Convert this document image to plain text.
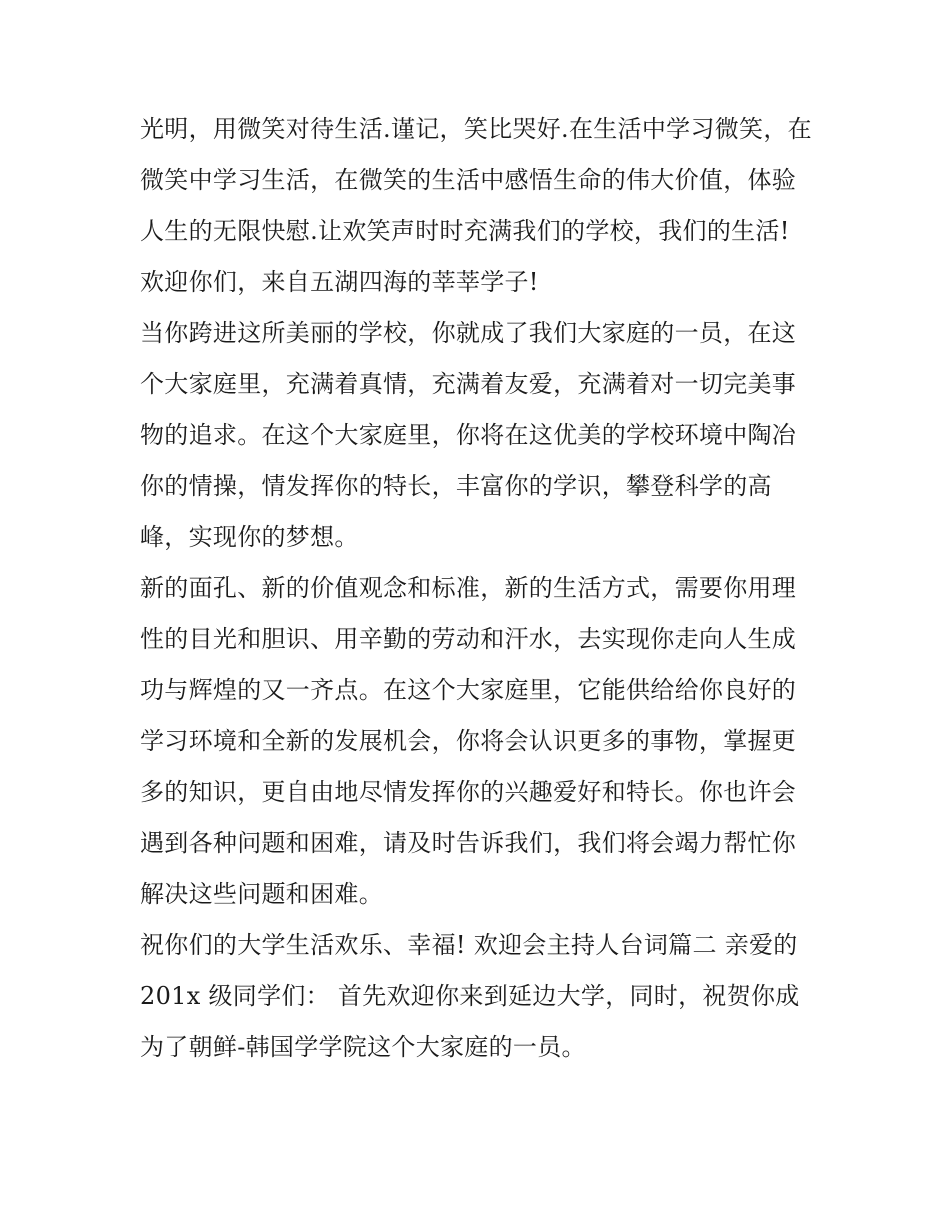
光明，用微笑对待生活.谨记，笑比哭好.在生活中学习微笑，在微笑中学习生活，在微笑的生活中感悟生命的伟大价值，体验人生的无限快慰.让欢笑声时时充满我们的学校，我们的生活!

欢迎你们，来自五湖四海的莘莘学子!

当你跨进这所美丽的学校，你就成了我们大家庭的一员，在这个大家庭里，充满着真情，充满着友爱，充满着对一切完美事物的追求。在这个大家庭里，你将在这优美的学校环境中陶冶你的情操，情发挥你的特长，丰富你的学识，攀登科学的高峰，实现你的梦想。

新的面孔、新的价值观念和标准，新的生活方式，需要你用理性的目光和胆识、用辛勤的劳动和汗水，去实现你走向人生成功与辉煌的又一齐点。在这个大家庭里，它能供给给你良好的学习环境和全新的发展机会，你将会认识更多的事物，掌握更多的知识，更自由地尽情发挥你的兴趣爱好和特长。你也许会遇到各种问题和困难，请及时告诉我们，我们将会竭力帮忙你解决这些问题和困难。

祝你们的大学生活欢乐、幸福! 欢迎会主持人台词篇二 亲爱的 201x 级同学们： 首先欢迎你来到延边大学，同时，祝贺你成为了朝鲜-韩国学学院这个大家庭的一员。
